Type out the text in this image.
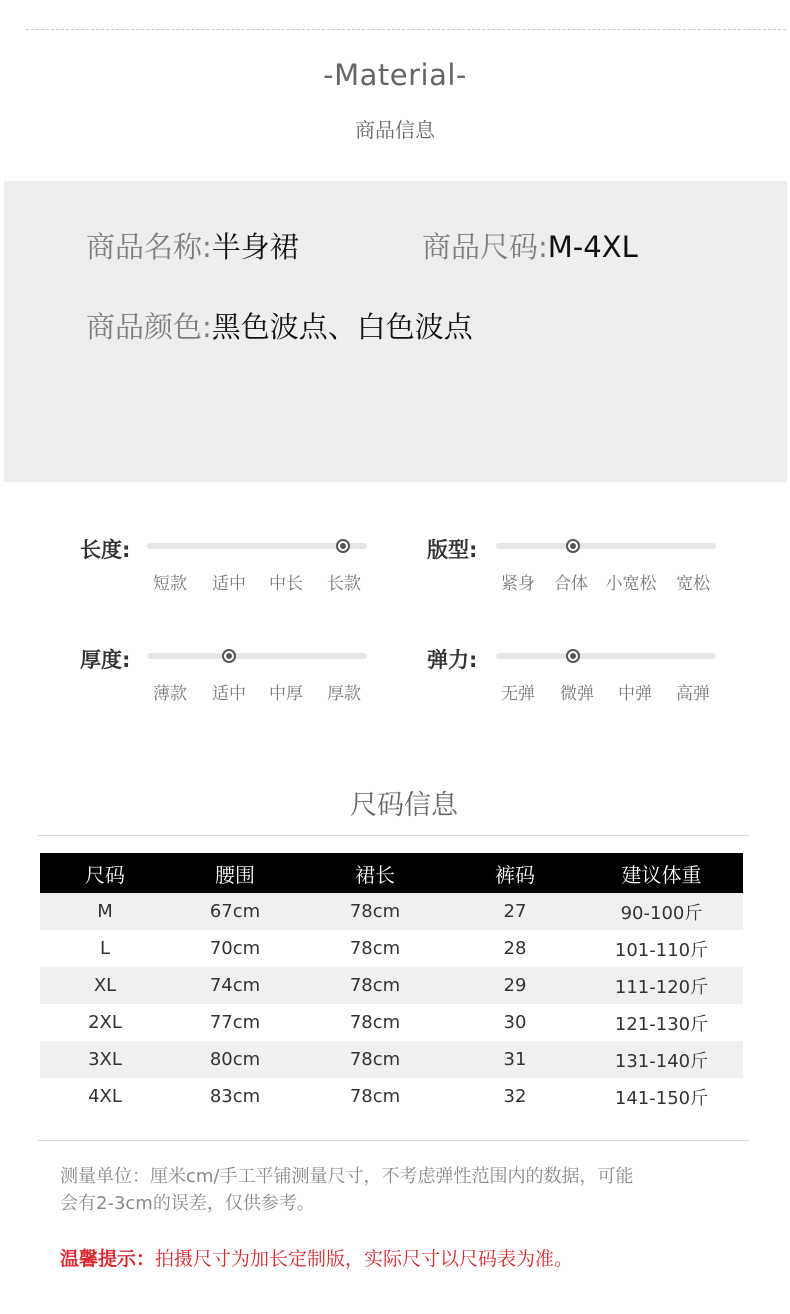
-Material-
商品信息
商品名称:半身裙	商品尺码:M-4XL
商品颜色:黑色波点、白色波点
长度:
短款 适中 中长 长款
版型:
紧身 合体 小宽松 宽松
厚度:
薄款 适中 中厚 厚款
弹力:
无弹 微弹 中弹 高弹
尺码信息
尺码	腰围	裙长	裤码	建议体重
M	67cm	78cm	27	90-100斤
L	70cm	78cm	28	101-110斤
XL	74cm	78cm	29	111-120斤
2XL	77cm	78cm	30	121-130斤
3XL	80cm	78cm	31	131-140斤
4XL	83cm	78cm	32	141-150斤
测量单位：厘米cm/手工平铺测量尺寸，不考虑弹性范围内的数据，可能
会有2-3cm的误差，仅供参考。
温馨提示：拍摄尺寸为加长定制版，实际尺寸以尺码表为准。
